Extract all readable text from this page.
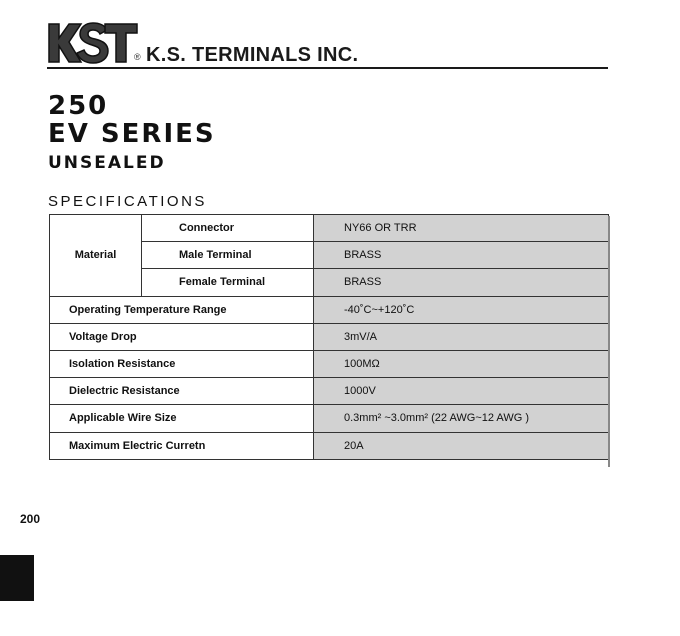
® K.S. TERMINALS INC.
250
EV SERIES
UNSEALED
SPECIFICATIONS
Material	Connector	NY66 OR TRR
	Male Terminal	BRASS
	Female Terminal	BRASS
Operating Temperature Range		-40˚C~+120˚C
Voltage Drop		3mV/A
Isolation Resistance		100MΩ
Dielectric Resistance		1000V
Applicable Wire Size		0.3mm² ~3.0mm² (22 AWG~12 AWG )
Maximum Electric Curretn		20A
200
